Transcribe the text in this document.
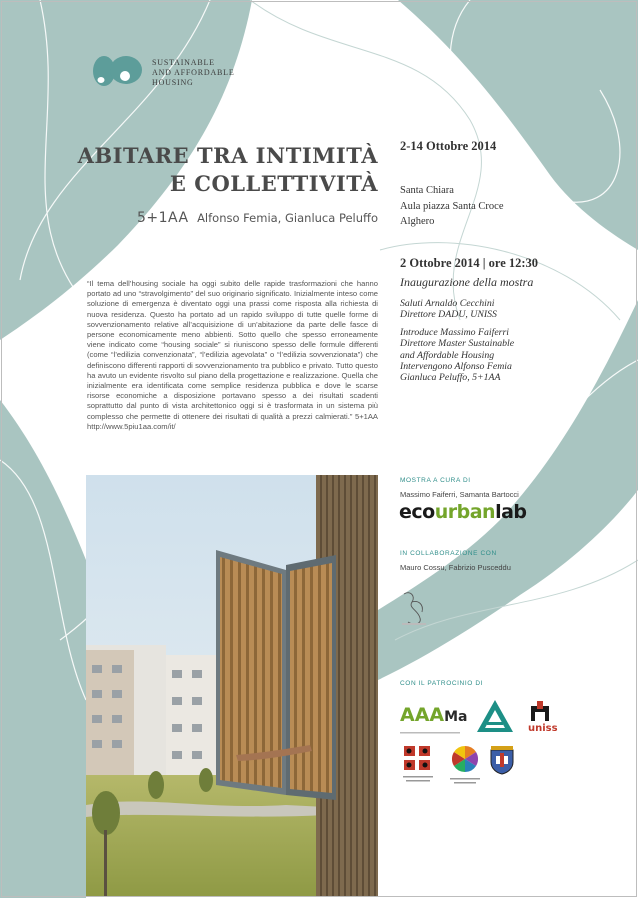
SUSTAINABLE
AND AFFORDABLE
HOUSING
ABITARE TRA INTIMITÀ
E COLLETTIVITÀ
5+1AA Alfonso Femia, Gianluca Peluffo
“Il tema dell’housing sociale ha oggi subito delle rapide trasformazioni che hanno portato ad uno “stravolgimento” del suo originario significato. Inizialmente inteso come soluzione di emergenza è diventato oggi una prassi come risposta alla richiesta di nuova residenza. Questo ha portato ad un rapido sviluppo di tutte quelle forme di sovvenzionamento relative all’acquisizione di un’abitazione da parte delle fasce di persone economicamente meno abbienti. Sotto quello che spesso erroneamente viene indicato come “housing sociale” si riuniscono spesso delle formule differenti (come “l’edilizia convenzionata”, “l’edilizia agevolata” o “l’edilizia sovvenzionata”) che definiscono differenti rapporti di sovvenzionamento tra pubblico e privato. Tutto questo ha avuto un evidente risvolto sul piano della progettazione e realizzazione. Quella che inizialmente era identificata come semplice residenza pubblica e dove le scarse risorse economiche a disposizione portavano spesso a dei risultati scadenti soprattutto dal punto di vista architettonico oggi si è trasformata in un sistema più complesso che permette di ottenere dei risultati di qualità a prezzi calmierati.” 5+1AA http://www.5piu1aa.com/it/
2-14 Ottobre 2014
Santa Chiara
Aula piazza Santa Croce
Alghero
2 Ottobre 2014 | ore 12:30
Inaugurazione della mostra

Saluti Arnaldo Cecchini
Direttore DADU, UNISS

Introduce Massimo Faiferri
Direttore Master Sustainable
and Affordable Housing
Intervengono Alfonso Femia
Gianluca Peluffo, 5+1AA

MOSTRA A CURA DI
Massimo Faiferri, Samanta Bartocci
ecourbanlab
IN COLLABORAZIONE CON
Mauro Cossu, Fabrizio Pusceddu
CON IL PATROCINIO DI
AAAMa
uniss
